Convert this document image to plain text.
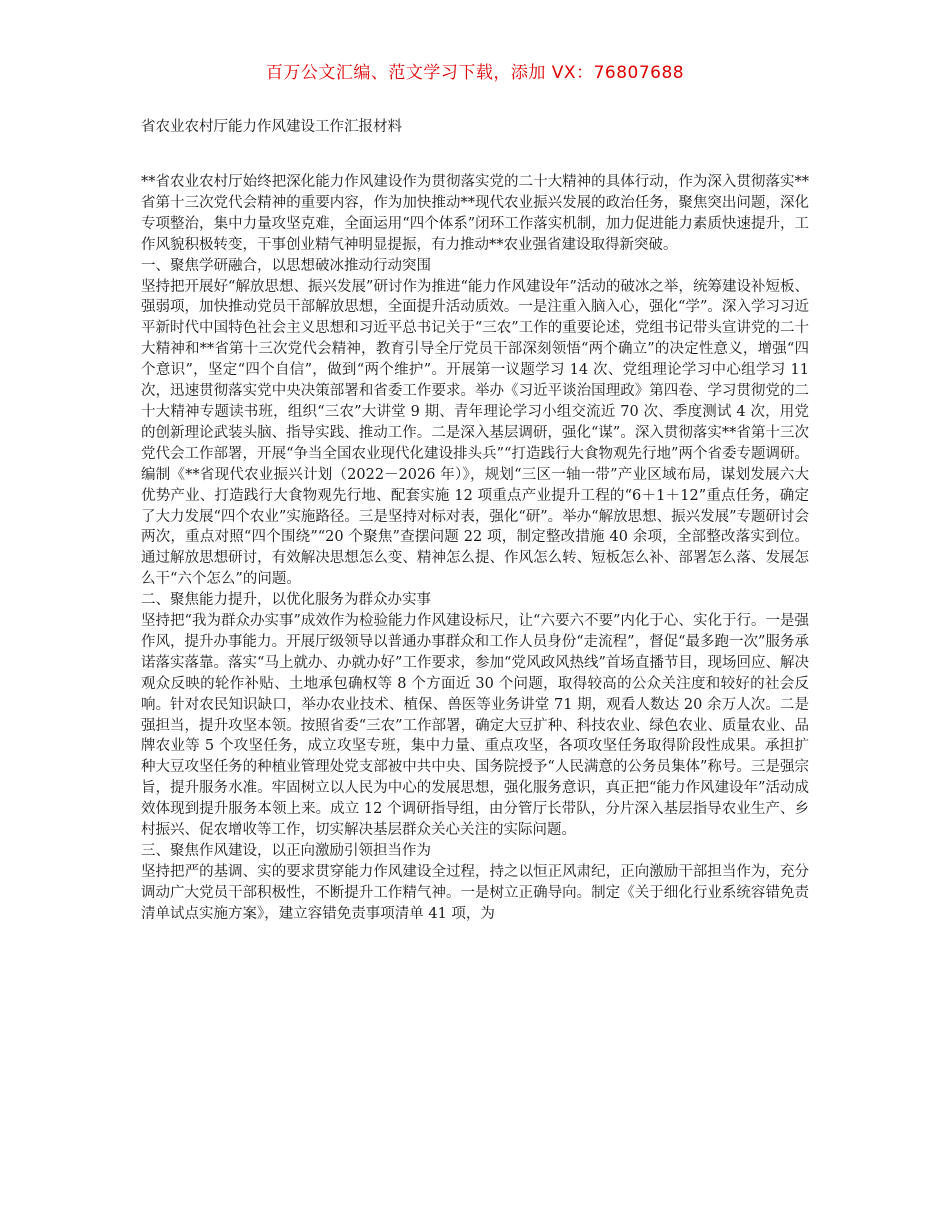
百万公文汇编、范文学习下载，添加 VX：76807688
省农业农村厅能力作风建设工作汇报材料

**省农业农村厅始终把深化能力作风建设作为贯彻落实党的二十大精神的具体行动，作为深入贯彻落实**省第十三次党代会精神的重要内容，作为加快推动**现代农业振兴发展的政治任务，聚焦突出问题，深化专项整治，集中力量攻坚克难，全面运用“四个体系”闭环工作落实机制，加力促进能力素质快速提升，工作风貌积极转变，干事创业精气神明显提振，有力推动**农业强省建设取得新突破。

一、聚焦学研融合，以思想破冰推动行动突围

坚持把开展好“解放思想、振兴发展”研讨作为推进“能力作风建设年”活动的破冰之举，统筹建设补短板、强弱项，加快推动党员干部解放思想，全面提升活动质效。一是注重入脑入心，强化“学”。深入学习习近平新时代中国特色社会主义思想和习近平总书记关于“三农”工作的重要论述，党组书记带头宣讲党的二十大精神和**省第十三次党代会精神，教育引导全厅党员干部深刻领悟“两个确立”的决定性意义，增强“四个意识”，坚定“四个自信”，做到“两个维护”。开展第一议题学习 14 次、党组理论学习中心组学习 11 次，迅速贯彻落实党中央决策部署和省委工作要求。举办《习近平谈治国理政》第四卷、学习贯彻党的二十大精神专题读书班，组织“三农”大讲堂 9 期、青年理论学习小组交流近 70 次、季度测试 4 次，用党的创新理论武装头脑、指导实践、推动工作。二是深入基层调研，强化“谋”。深入贯彻落实**省第十三次党代会工作部署，开展“争当全国农业现代化建设排头兵”“打造践行大食物观先行地”两个省委专题调研。编制《**省现代农业振兴计划（2022－2026 年）》，规划“三区一轴一带”产业区域布局，谋划发展六大优势产业、打造践行大食物观先行地、配套实施 12 项重点产业提升工程的“6＋1＋12”重点任务，确定了大力发展“四个农业”实施路径。三是坚持对标对表，强化“研”。举办“解放思想、振兴发展”专题研讨会两次，重点对照“四个围绕”“20 个聚焦”查摆问题 22 项，制定整改措施 40 余项，全部整改落实到位。通过解放思想研讨，有效解决思想怎么变、精神怎么提、作风怎么转、短板怎么补、部署怎么落、发展怎么干“六个怎么”的问题。

二、聚焦能力提升，以优化服务为群众办实事

坚持把“我为群众办实事”成效作为检验能力作风建设标尺，让“六要六不要”内化于心、实化于行。一是强作风，提升办事能力。开展厅级领导以普通办事群众和工作人员身份“走流程”，督促“最多跑一次”服务承诺落实落靠。落实“马上就办、办就办好”工作要求，参加“党风政风热线”首场直播节目，现场回应、解决观众反映的轮作补贴、土地承包确权等 8 个方面近 30 个问题，取得较高的公众关注度和较好的社会反响。针对农民知识缺口，举办农业技术、植保、兽医等业务讲堂 71 期，观看人数达 20 余万人次。二是强担当，提升攻坚本领。按照省委“三农”工作部署，确定大豆扩种、科技农业、绿色农业、质量农业、品牌农业等 5 个攻坚任务，成立攻坚专班，集中力量、重点攻坚，各项攻坚任务取得阶段性成果。承担扩种大豆攻坚任务的种植业管理处党支部被中共中央、国务院授予“人民满意的公务员集体”称号。三是强宗旨，提升服务水准。牢固树立以人民为中心的发展思想，强化服务意识，真正把“能力作风建设年”活动成效体现到提升服务本领上来。成立 12 个调研指导组，由分管厅长带队，分片深入基层指导农业生产、乡村振兴、促农增收等工作，切实解决基层群众关心关注的实际问题。

三、聚焦作风建设，以正向激励引领担当作为

坚持把严的基调、实的要求贯穿能力作风建设全过程，持之以恒正风肃纪，正向激励干部担当作为，充分调动广大党员干部积极性，不断提升工作精气神。一是树立正确导向。制定《关于细化行业系统容错免责清单试点实施方案》，建立容错免责事项清单 41 项，为
